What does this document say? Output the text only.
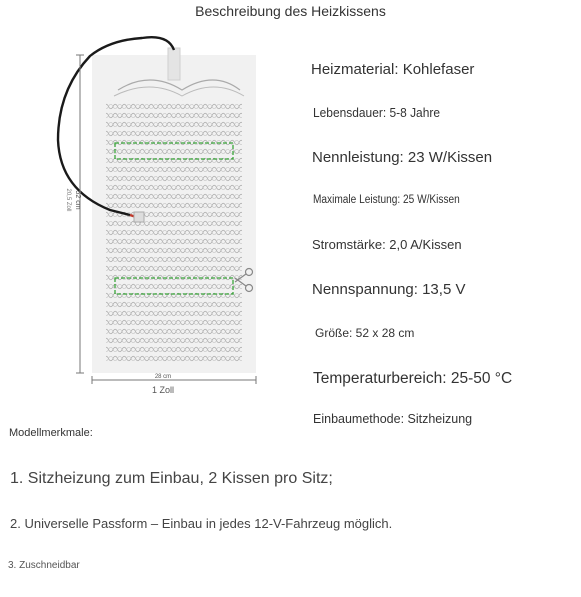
Beschreibung des Heizkissens
52 cm
20,5 Zoll
28 cm
1 Zoll
Heizmaterial: Kohlefaser
Lebensdauer: 5-8 Jahre
Nennleistung: 23 W/Kissen
Maximale Leistung: 25 W/Kissen
Stromstärke: 2,0 A/Kissen
Nennspannung: 13,5 V
Größe: 52 x 28 cm
Temperaturbereich: 25-50 °C
Einbaumethode: Sitzheizung
Modellmerkmale:
1. Sitzheizung zum Einbau, 2 Kissen pro Sitz;
2. Universelle Passform – Einbau in jedes 12-V-Fahrzeug möglich.
3. Zuschneidbar
